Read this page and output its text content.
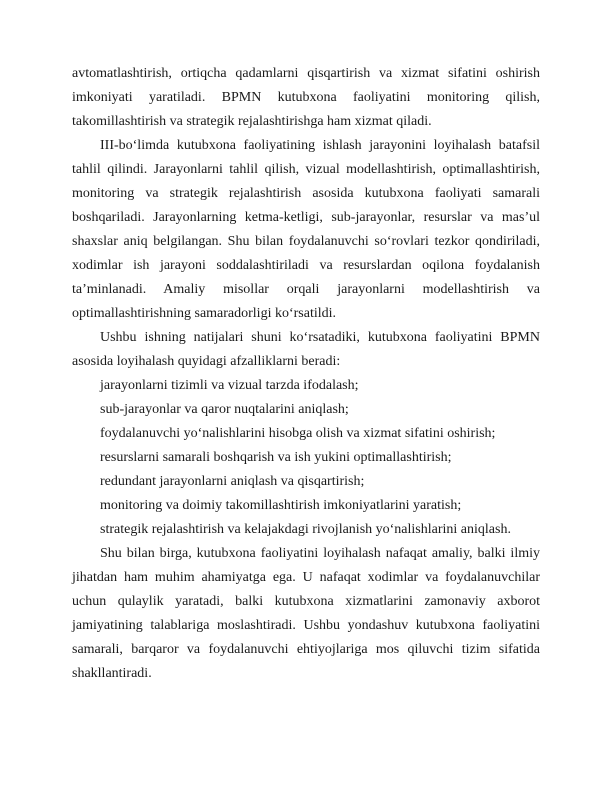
avtomatlashtirish, ortiqcha qadamlarni qisqartirish va xizmat sifatini oshirish imkoniyati yaratiladi. BPMN kutubxona faoliyatini monitoring qilish, takomillashtirish va strategik rejalashtirishga ham xizmat qiladi.

III-bo‘limda kutubxona faoliyatining ishlash jarayonini loyihalash batafsil tahlil qilindi. Jarayonlarni tahlil qilish, vizual modellashtirish, optimallashtirish, monitoring va strategik rejalashtirish asosida kutubxona faoliyati samarali boshqariladi. Jarayonlarning ketma-ketligi, sub-jarayonlar, resurslar va mas’ul shaxslar aniq belgilangan. Shu bilan foydalanuvchi so‘rovlari tezkor qondiriladi, xodimlar ish jarayoni soddalashtiriladi va resurslardan oqilona foydalanish ta’minlanadi. Amaliy misollar orqali jarayonlarni modellashtirish va optimallashtirishning samaradorligi ko‘rsatildi.

Ushbu ishning natijalari shuni ko‘rsatadiki, kutubxona faoliyatini BPMN asosida loyihalash quyidagi afzalliklarni beradi:

jarayonlarni tizimli va vizual tarzda ifodalash;

sub-jarayonlar va qaror nuqtalarini aniqlash;

foydalanuvchi yo‘nalishlarini hisobga olish va xizmat sifatini oshirish;

resurslarni samarali boshqarish va ish yukini optimallashtirish;

redundant jarayonlarni aniqlash va qisqartirish;

monitoring va doimiy takomillashtirish imkoniyatlarini yaratish;

strategik rejalashtirish va kelajakdagi rivojlanish yo‘nalishlarini aniqlash.

Shu bilan birga, kutubxona faoliyatini loyihalash nafaqat amaliy, balki ilmiy jihatdan ham muhim ahamiyatga ega. U nafaqat xodimlar va foydalanuvchilar uchun qulaylik yaratadi, balki kutubxona xizmatlarini zamonaviy axborot jamiyatining talablariga moslashtiradi. Ushbu yondashuv kutubxona faoliyatini samarali, barqaror va foydalanuvchi ehtiyojlariga mos qiluvchi tizim sifatida shakllantiradi.
